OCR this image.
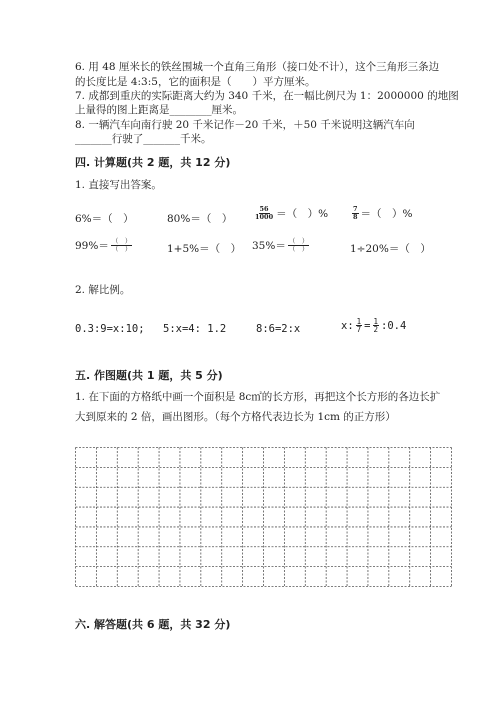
6. 用 48 厘米长的铁丝围城一个直角三角形（接口处不计），这个三角形三条边
的长度比是 4:3:5，它的面积是（　　）平方厘米。
7. 成都到重庆的实际距离大约为 340 千米，在一幅比例尺为 1：2000000 的地图
上量得的图上距离是________厘米。
8. 一辆汽车向南行驶 20 千米记作－20 千米，＋50 千米说明这辆汽车向
_______行驶了_______千米。
四. 计算题(共 2 题，共 12 分)
1. 直接写出答案。
6%＝（　）	80%＝（　）	$\frac{56}{1000}$ ＝（　）%	$\frac{7}{8}$ ＝（　）%
$99\%= \frac{( )}{( )}$	1+5%＝（　） $35\%= \frac{( )}{( )}$	1÷20%＝（　）
2. 解比例。
0.3:9=x:10; 5:x=4: 1.2	8:6=2:x	x: $\frac{1}{7} = \frac{1}{2}$ :0.4
五. 作图题(共 1 题，共 5 分)
1. 在下面的方格纸中画一个面积是 8c㎡的长方形，再把这个长方形的各边长扩
大到原来的 2 倍，画出图形。（每个方格代表边长为 1cm 的正方形）
六. 解答题(共 6 题，共 32 分)
